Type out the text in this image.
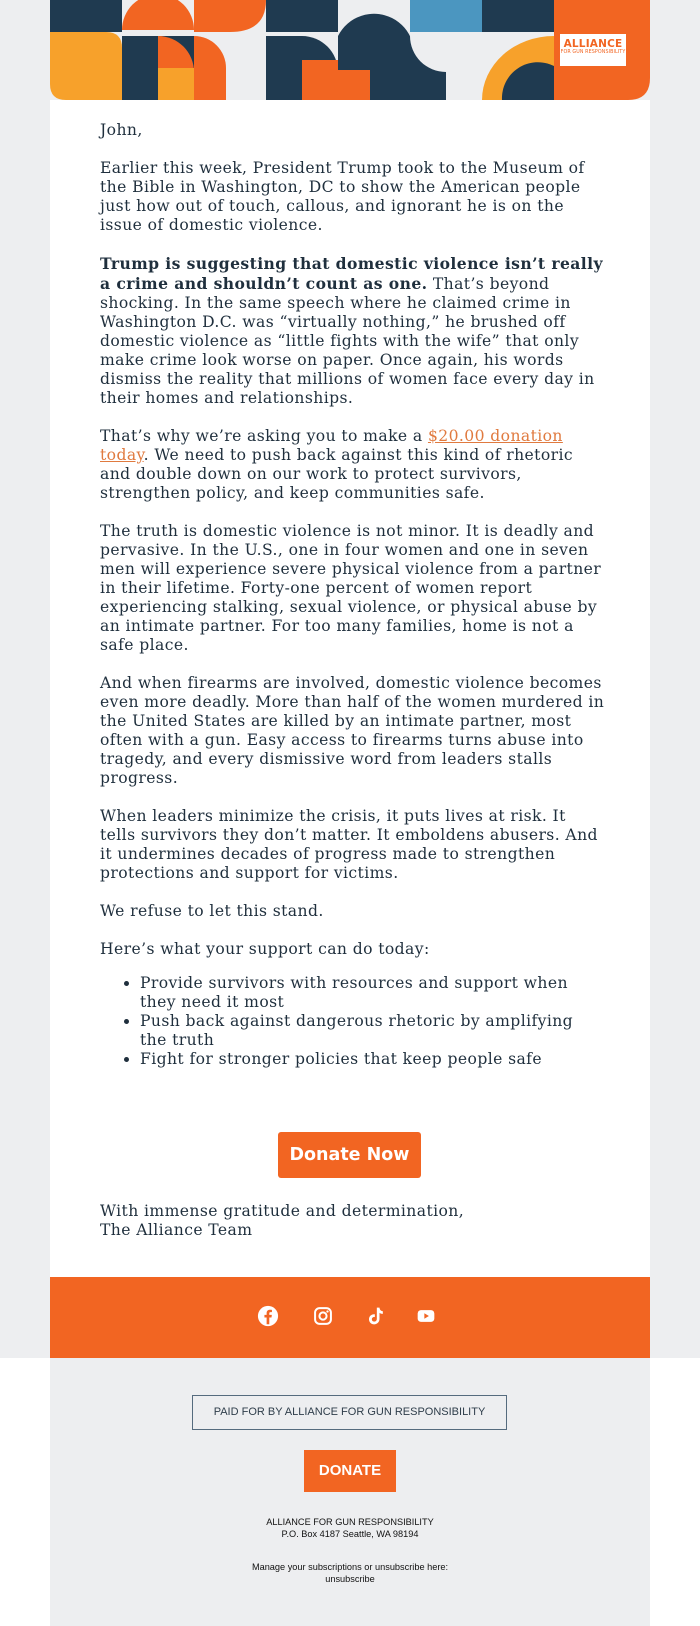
ALLIANCE
FOR GUN RESPONSIBILITY

John,

Earlier this week, President Trump took to the Museum of the Bible in Washington, DC to show the American people just how out of touch, callous, and ignorant he is on the issue of domestic violence.

Trump is suggesting that domestic violence isn’t really a crime and shouldn’t count as one. That’s beyond shocking. In the same speech where he claimed crime in Washington D.C. was “virtually nothing,” he brushed off domestic violence as “little fights with the wife” that only make crime look worse on paper. Once again, his words dismiss the reality that millions of women face every day in their homes and relationships.

That’s why we’re asking you to make a $20.00 donation today. We need to push back against this kind of rhetoric and double down on our work to protect survivors, strengthen policy, and keep communities safe.

The truth is domestic violence is not minor. It is deadly and pervasive. In the U.S., one in four women and one in seven men will experience severe physical violence from a partner in their lifetime. Forty-one percent of women report experiencing stalking, sexual violence, or physical abuse by an intimate partner. For too many families, home is not a safe place.

And when firearms are involved, domestic violence becomes even more deadly. More than half of the women murdered in the United States are killed by an intimate partner, most often with a gun. Easy access to firearms turns abuse into tragedy, and every dismissive word from leaders stalls progress.

When leaders minimize the crisis, it puts lives at risk. It tells survivors they don’t matter. It emboldens abusers. And it undermines decades of progress made to strengthen protections and support for victims.

We refuse to let this stand.

Here’s what your support can do today:

• Provide survivors with resources and support when they need it most
• Push back against dangerous rhetoric by amplifying the truth
• Fight for stronger policies that keep people safe
Donate Now
With immense gratitude and determination,
The Alliance Team
PAID FOR BY ALLIANCE FOR GUN RESPONSIBILITY
DONATE
ALLIANCE FOR GUN RESPONSIBILITY
P.O. Box 4187 Seattle, WA 98194
Manage your subscriptions or unsubscribe here:
unsubscribe
